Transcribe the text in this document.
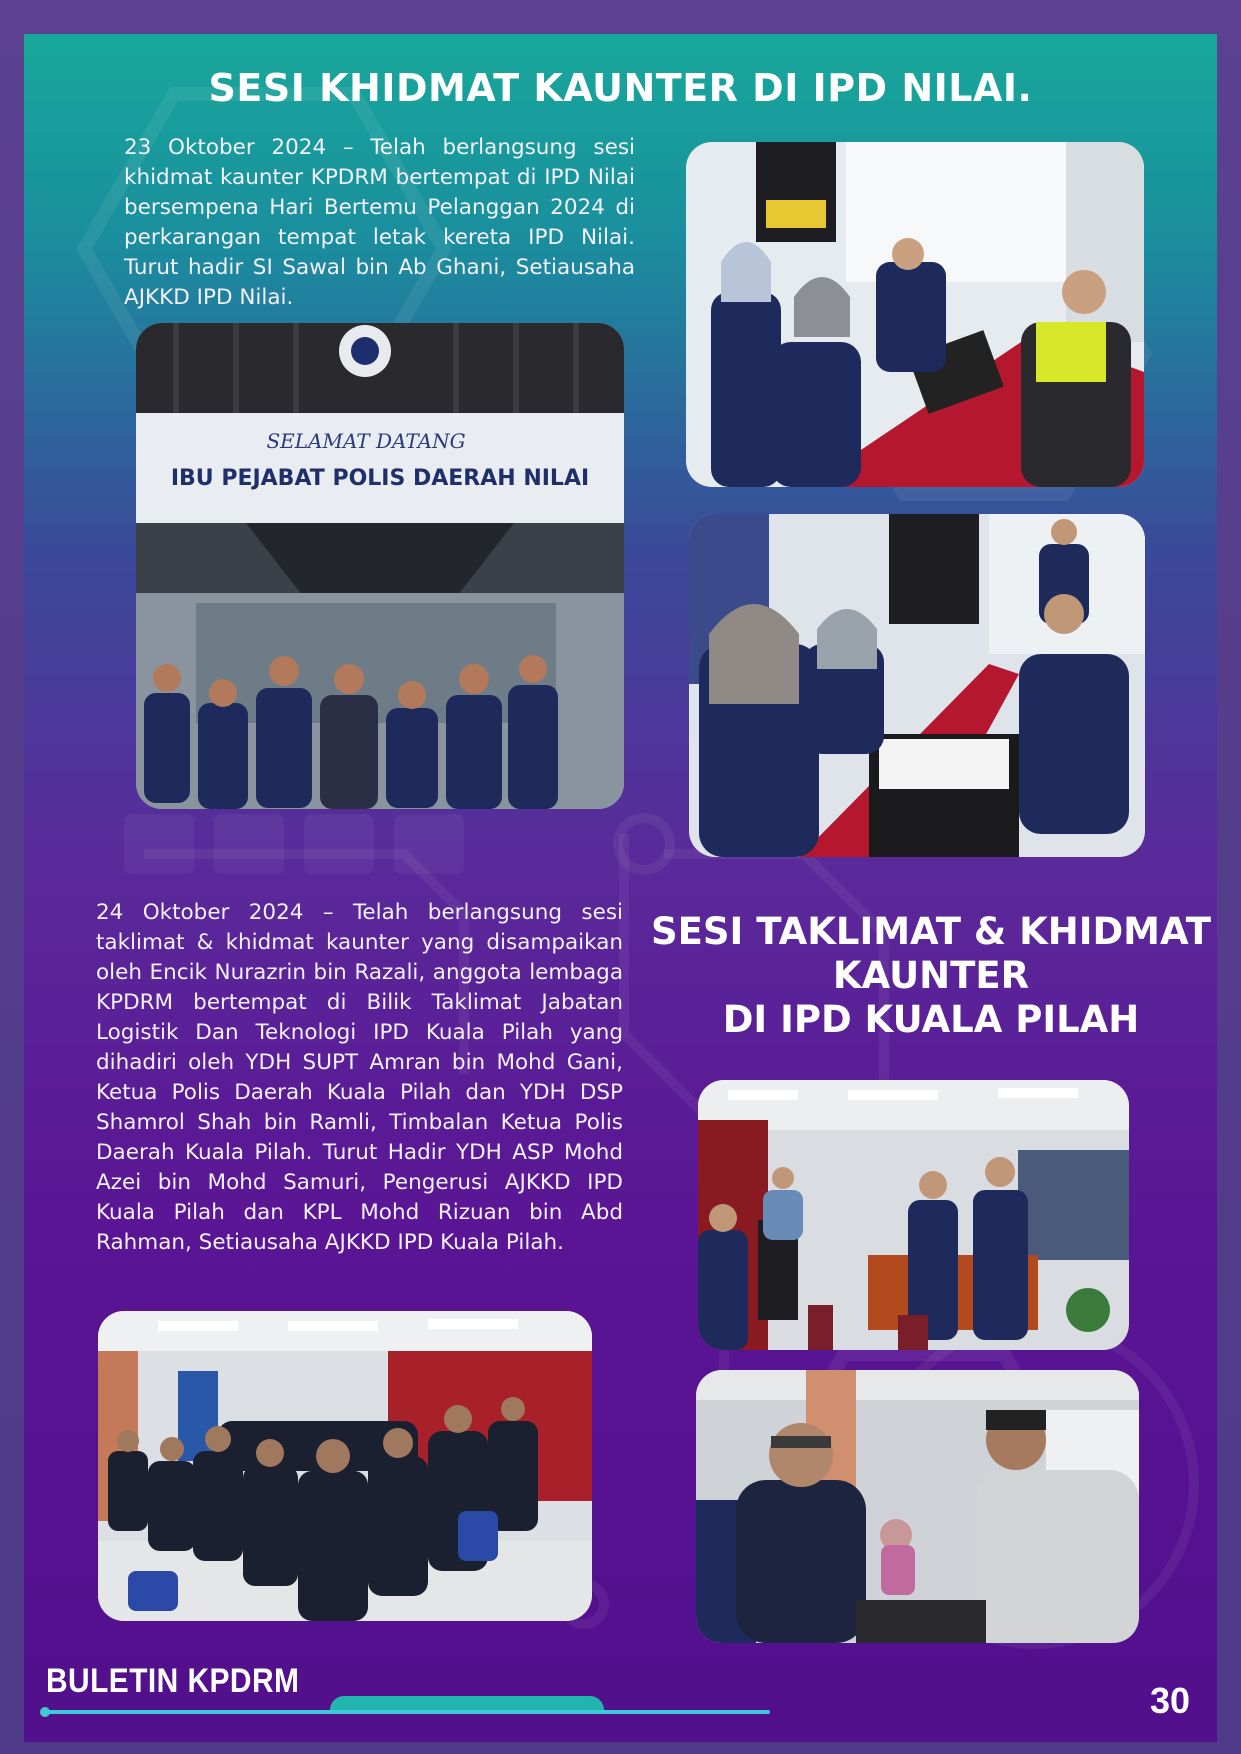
SESI KHIDMAT KAUNTER DI IPD NILAI.
23 Oktober 2024 – Telah berlangsung sesi khidmat kaunter KPDRM bertempat di IPD Nilai bersempena Hari Bertemu Pelanggan 2024 di perkarangan tempat letak kereta IPD Nilai. Turut hadir SI Sawal bin Ab Ghani, Setiausaha AJKKD IPD Nilai.
SELAMAT DATANG
IBU PEJABAT POLIS DAERAH NILAI
24 Oktober 2024 – Telah berlangsung sesi taklimat & khidmat kaunter yang disampaikan oleh Encik Nurazrin bin Razali, anggota lembaga KPDRM bertempat di Bilik Taklimat Jabatan Logistik Dan Teknologi IPD Kuala Pilah yang dihadiri oleh YDH SUPT Amran bin Mohd Gani, Ketua Polis Daerah Kuala Pilah dan YDH DSP Shamrol Shah bin Ramli, Timbalan Ketua Polis Daerah Kuala Pilah. Turut Hadir YDH ASP Mohd Azei bin Mohd Samuri, Pengerusi AJKKD IPD Kuala Pilah dan KPL Mohd Rizuan bin Abd Rahman, Setiausaha AJKKD IPD Kuala Pilah.
SESI TAKLIMAT & KHIDMAT
KAUNTER
DI IPD KUALA PILAH
BULETIN KPDRM	30
